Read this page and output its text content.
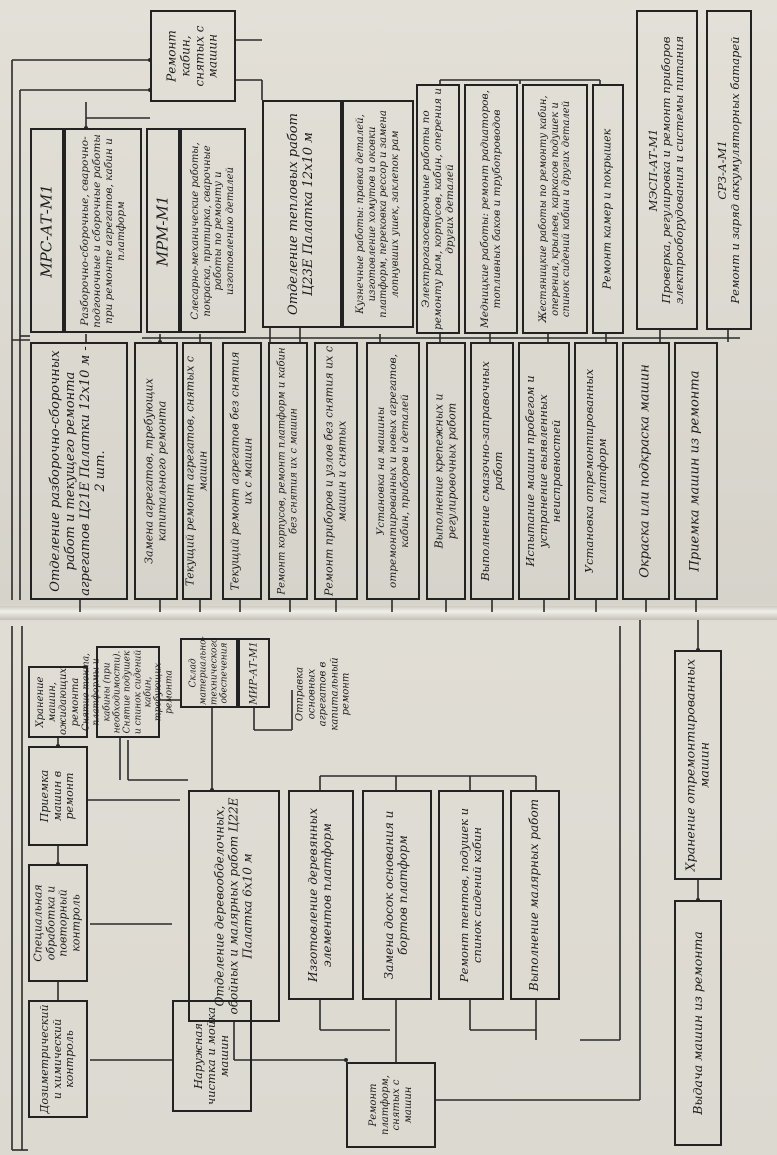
Ремонт кабин, снятых с машин
МРС-АТ-М1 Разборочно-сборочные, сварочно-подгоночные и сборочные работы при ремонте агрегатов, кабин и платформ МРМ-М1 Слесарно-механические работы, покраска, притирка, сварочные работы по ремонту и изготовлению деталей	Отделение тепловых работ Ц23Е Палатка 12х10 м	Кузнечные работы: правка деталей, изготовление хомутов и оковки платформ, перековка рессор и замена лопнувших ушек, заклепок рам Электрогазосварочные работы по ремонту рам, корпусов, кабин, оперения и других деталей Медницкие работы: ремонт радиаторов, топливных баков и трубопроводов	Жестяницкие работы по ремонту кабин, оперения, крыльев, каркасов подушек и спинок сидений кабин и других деталей	Ремонт камер и покрышек	МЭСП-АТ-М1 Проверка, регулировка и ремонт приборов электрооборудования и системы питания СРЗ-А-М1 Ремонт и заряд аккумуляторных батарей
Отделение разборочно-сборочных работ и текущего ремонта агрегатов Ц21Е Палатки 12х10 м - 2 шт.	Замена агрегатов, требующих капитального ремонта Текущий ремонт агрегатов, снятых с машин Текущий ремонт агрегатов без снятия их с машин Ремонт корпусов, ремонт платформ и кабин без снятия их с машин Ремонт приборов и узлов без снятия их с машин и снятых	Установка на машины отремонтированных и новых агрегатов, кабин, приборов и деталей Выполнение крепежных и регулировочных работ Выполнение смазочно-заправочных работ Испытание машин пробегом и устранение выявленных неисправностей Установка отремонтированных платформ Окраска или подкраска машин	Приемка машин из ремонта
Дозиметрический и химический контроль
Специальная обработка и повторный контроль
Приемка машин в ремонт
Хранение машин, ожидающих ремонта Снятие тента, платформы и кабины (при необходимости). Снятие подушек и спинок сидений кабин, требующих ремонта
Наружная чистка и мойка машин
Склад материально-технического обеспечения МИР-АТ-М1	Отправка основных агрегатов в капитальный ремонт
Отделение деревообделочных, обойных и малярных работ Ц22Е Палатка 6х10 м	Изготовление деревянных элементов платформ	Замена досок основания и бортов платформ	Ремонт тентов, подушек и спинок сидений кабин	Выполнение малярных работ
Ремонт платформ, снятых с машин
Хранение отремонтированных машин
Выдача машин из ремонта
